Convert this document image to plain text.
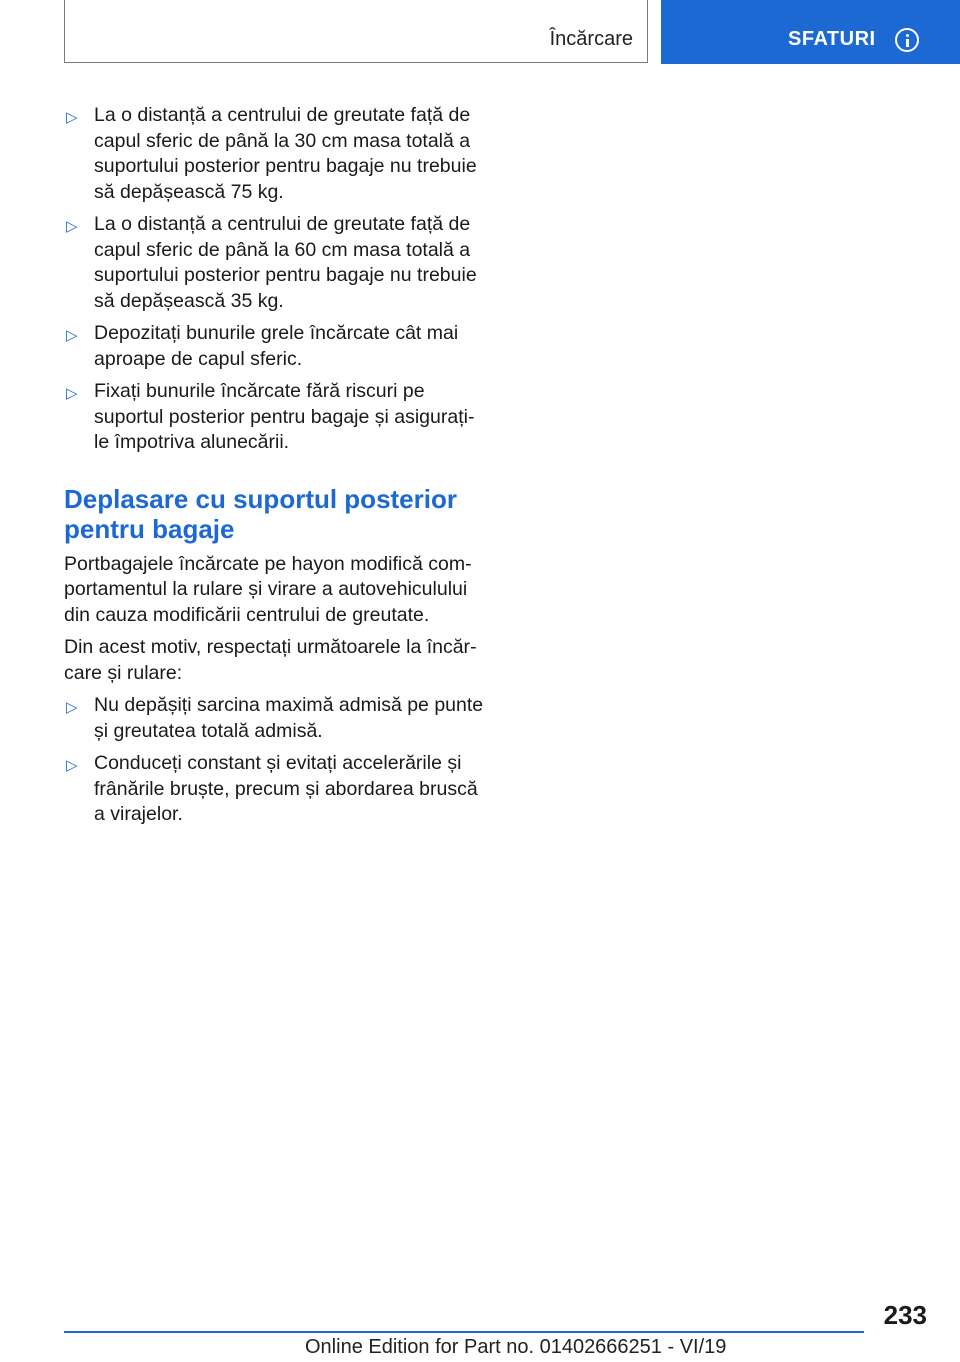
Încărcare	SFATURI
▷ La o distanță a centrului de greutate față de capul sferic de până la 30 cm masa totală a suportului posterior pentru bagaje nu trebuie să depășească 75 kg.
▷ La o distanță a centrului de greutate față de capul sferic de până la 60 cm masa totală a suportului posterior pentru bagaje nu trebuie să depășească 35 kg.
▷ Depozitați bunurile grele încărcate cât mai aproape de capul sferic.
▷ Fixați bunurile încărcate fără riscuri pe suportul posterior pentru bagaje și asigurați-le împotriva alunecării.
Deplasare cu suportul posterior pentru bagaje
Portbagajele încărcate pe hayon modifică comportamentul la rulare și virare a autovehiculului din cauza modificării centrului de greutate.
Din acest motiv, respectați următoarele la încărcare și rulare:
▷ Nu depășiți sarcina maximă admisă pe punte și greutatea totală admisă.
▷ Conduceți constant și evitați accelerările și frânările bruște, precum și abordarea bruscă a virajelor.
233
Online Edition for Part no. 01402666251 - VI/19
